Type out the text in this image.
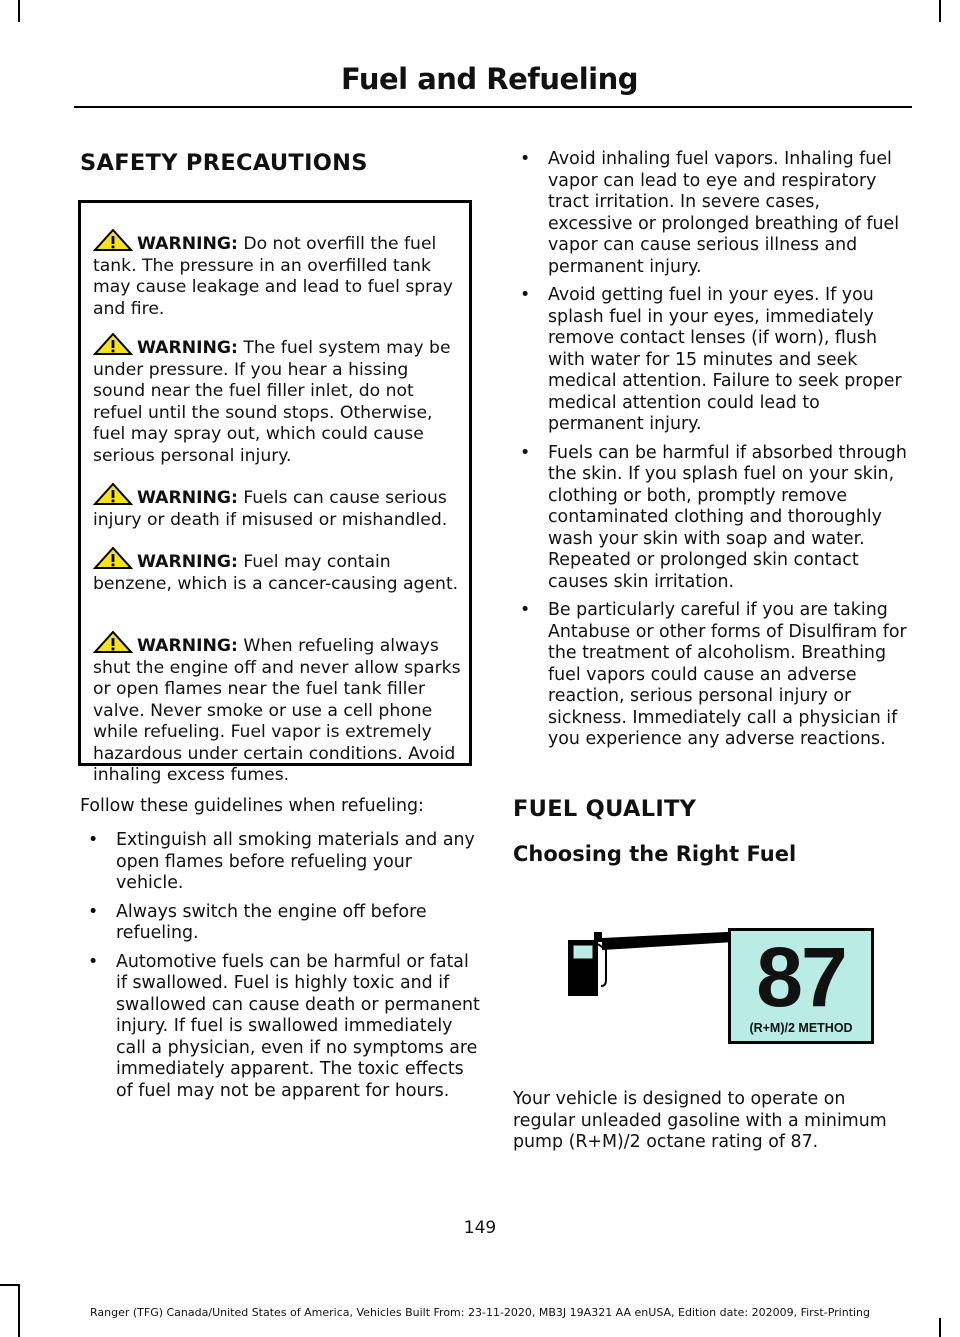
Fuel and Refueling
SAFETY PRECAUTIONS
WARNING: Do not overfill the fuel tank. The pressure in an overfilled tank may cause leakage and lead to fuel spray and fire.
WARNING: The fuel system may be under pressure. If you hear a hissing sound near the fuel filler inlet, do not refuel until the sound stops. Otherwise, fuel may spray out, which could cause serious personal injury.
WARNING: Fuels can cause serious injury or death if misused or mishandled.
WARNING: Fuel may contain benzene, which is a cancer-causing agent.
WARNING: When refueling always shut the engine off and never allow sparks or open flames near the fuel tank filler valve. Never smoke or use a cell phone while refueling. Fuel vapor is extremely hazardous under certain conditions. Avoid inhaling excess fumes.
Follow these guidelines when refueling:
• Extinguish all smoking materials and any open flames before refueling your vehicle.
• Always switch the engine off before refueling.
• Automotive fuels can be harmful or fatal if swallowed. Fuel is highly toxic and if swallowed can cause death or permanent injury. If fuel is swallowed immediately call a physician, even if no symptoms are immediately apparent. The toxic effects of fuel may not be apparent for hours.
• Avoid inhaling fuel vapors. Inhaling fuel vapor can lead to eye and respiratory tract irritation. In severe cases, excessive or prolonged breathing of fuel vapor can cause serious illness and permanent injury.
• Avoid getting fuel in your eyes. If you splash fuel in your eyes, immediately remove contact lenses (if worn), flush with water for 15 minutes and seek medical attention. Failure to seek proper medical attention could lead to permanent injury.
• Fuels can be harmful if absorbed through the skin. If you splash fuel on your skin, clothing or both, promptly remove contaminated clothing and thoroughly wash your skin with soap and water. Repeated or prolonged skin contact causes skin irritation.
• Be particularly careful if you are taking Antabuse or other forms of Disulfiram for the treatment of alcoholism. Breathing fuel vapors could cause an adverse reaction, serious personal injury or sickness. Immediately call a physician if you experience any adverse reactions.
FUEL QUALITY
Choosing the Right Fuel
87
(R+M)/2 METHOD
Your vehicle is designed to operate on regular unleaded gasoline with a minimum pump (R+M)/2 octane rating of 87.
149
Ranger (TFG) Canada/United States of America, Vehicles Built From: 23-11-2020, MB3J 19A321 AA enUSA, Edition date: 202009, First-Printing
